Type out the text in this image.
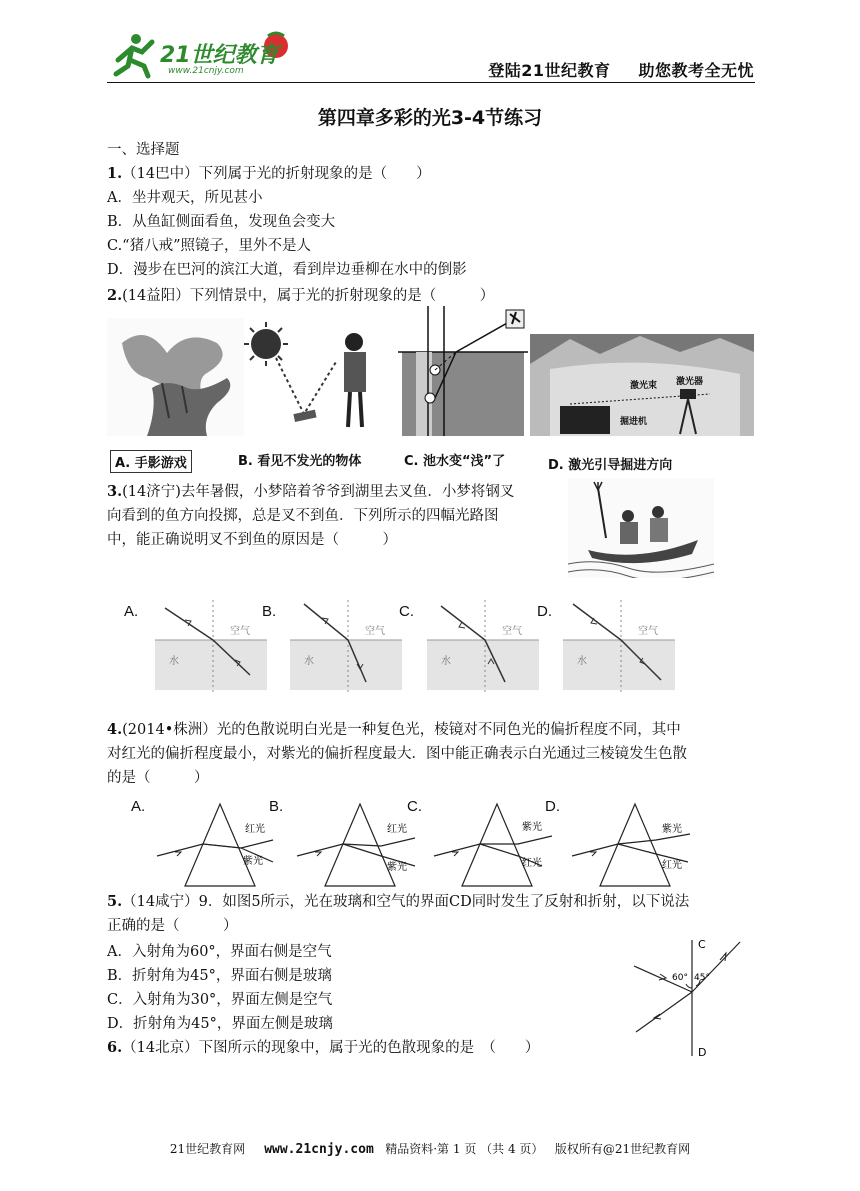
21世纪教育
www.21cnjy.com	登陆21世纪教育 助您教考全无忧
第四章多彩的光3-4节练习
一、选择题
1.（14巴中）下列属于光的折射现象的是（　　）
A．坐井观天，所见甚小
B．从鱼缸侧面看鱼，发现鱼会变大
C.“猪八戒”照镜子，里外不是人
D．漫步在巴河的滨江大道，看到岸边垂柳在水中的倒影
2.(14益阳）下列情景中，属于光的折射现象的是（　　　）
激光束 激光器
掘进机
A. 手影游戏	B. 看见不发光的物体	C. 池水变“浅”了	D. 激光引导掘进方向
3.(14济宁)去年暑假，小梦陪着爷爷到湖里去叉鱼．小梦将钢叉
向看到的鱼方向投掷，总是叉不到鱼．下列所示的四幅光路图
中，能正确说明叉不到鱼的原因是（　　　）
A.	B.	C.	D.
空气
水
空气
水
空气
水
空气
水
4.(2014•株洲）光的色散说明白光是一种复色光，棱镜对不同色光的偏折程度不同，其中
对红光的偏折程度最小，对紫光的偏折程度最大．图中能正确表示白光通过三棱镜发生色散
的是（　　　）
A.	B.	C.	D.
红光
紫光
红光
紫光
紫光
红光
紫光
红光
5.（14咸宁）9．如图5所示，光在玻璃和空气的界面CD同时发生了反射和折射，以下说法
正确的是（　　　）
A．入射角为60°，界面右侧是空气
B．折射角为45°，界面右侧是玻璃
C．入射角为30°，界面左侧是空气
D．折射角为45°，界面左侧是玻璃
C
D
60° 45°
6.（14北京）下图所示的现象中，属于光的色散现象的是　（　　）
21世纪教育网 www.21cnjy.com 精品资料·第 1 页 （共 4 页） 版权所有@21世纪教育网
